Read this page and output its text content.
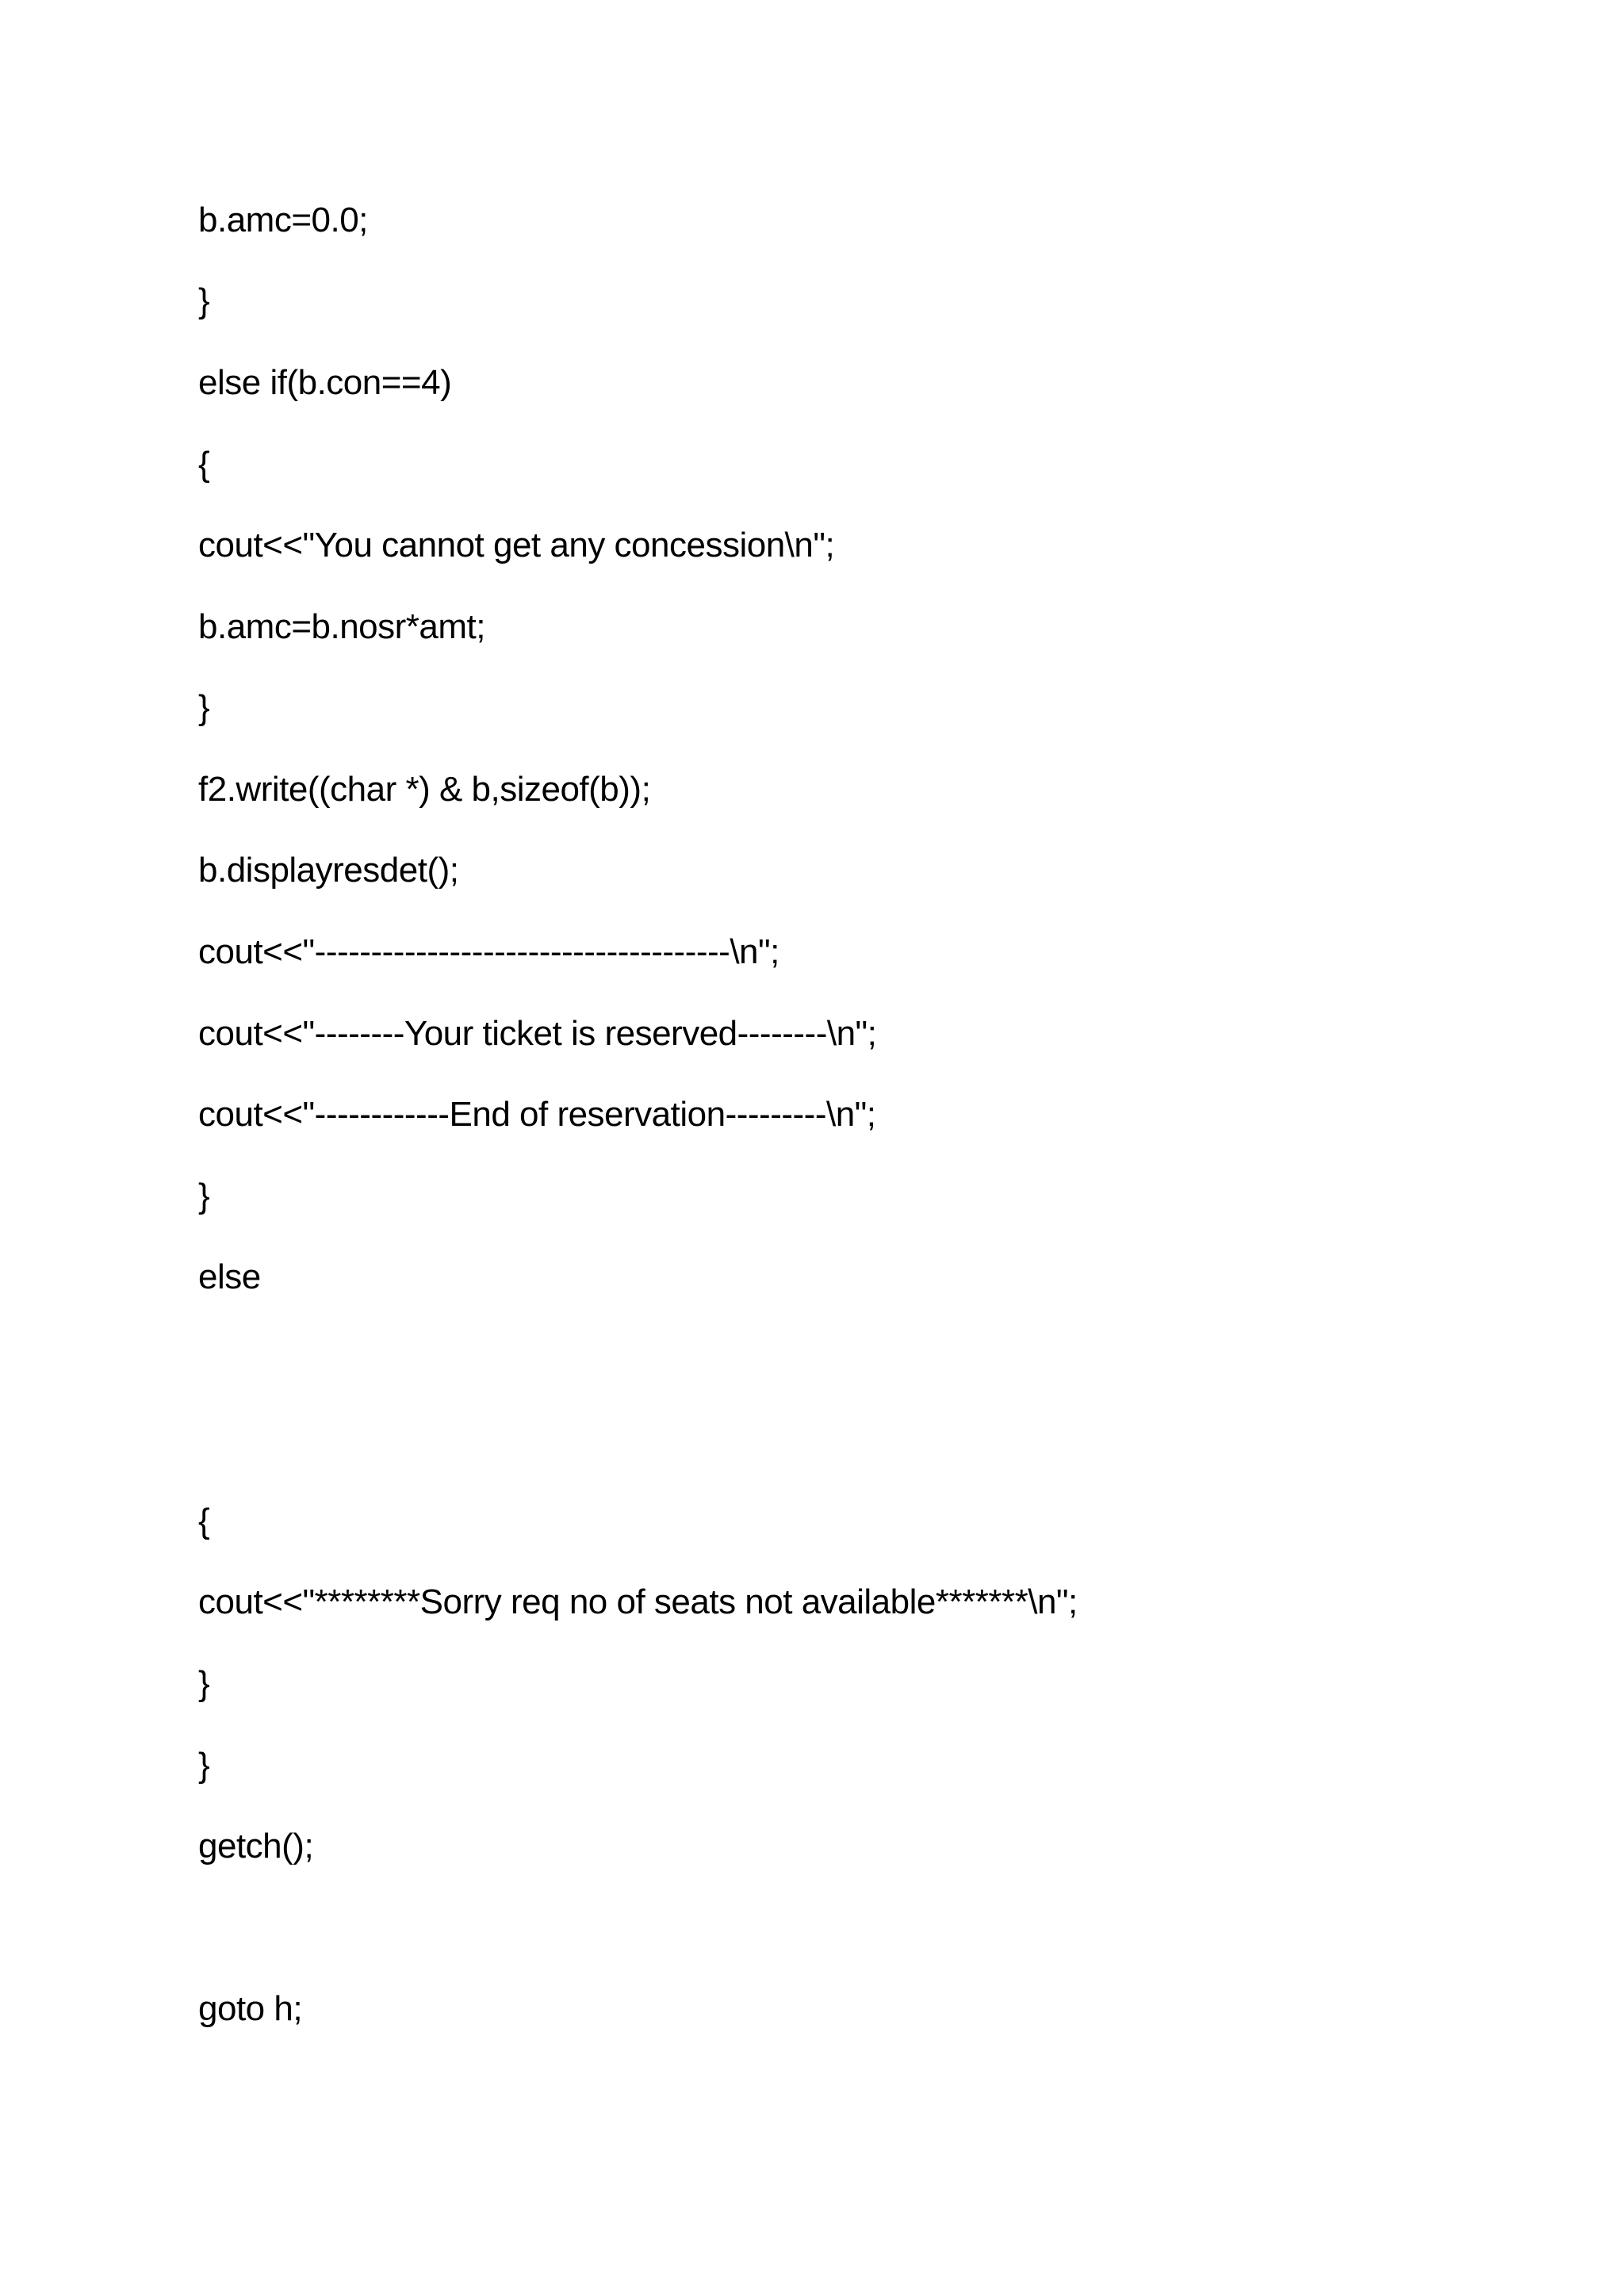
b.amc=0.0;

}

else if(b.con==4)

{

cout<<"You cannot get any concession\n";

b.amc=b.nosr*amt;

}

f2.write((char *) & b,sizeof(b));

b.displayresdet();

cout<<"-------------------------------------\n";

cout<<"--------Your ticket is reserved--------\n";

cout<<"------------End of reservation---------\n";

}

else

{

cout<<"********Sorry req no of seats not available*******\n";

}

}

getch();

goto h;
